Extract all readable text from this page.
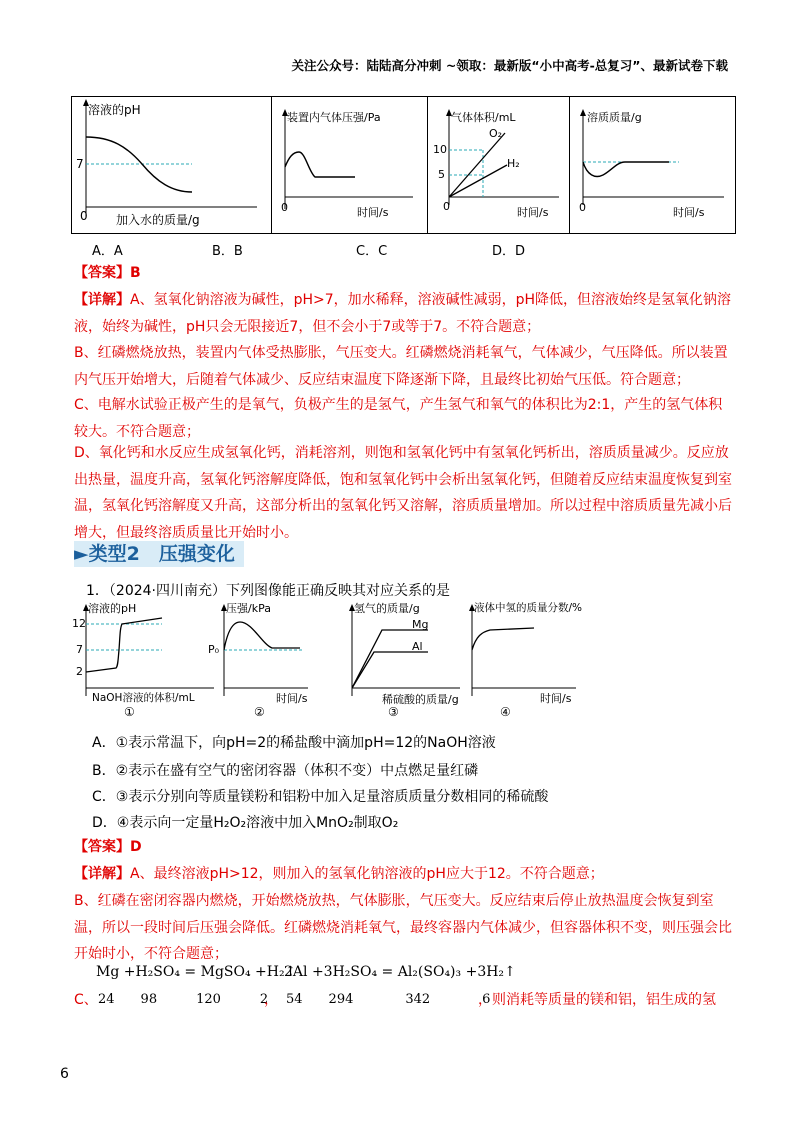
关注公众号：陆陆高分冲刺 ~领取：最新版“小中高考-总复习”、最新试卷下载
溶液的pH
7
0 加入水的质量/g
装置内气体压强/Pa
0	时间/s
气体体积/mL
10
5
O₂
H₂
0	时间/s
溶质质量/g
0	时间/s
A．A	B．B	C．C	D．D
【答案】B
【详解】A、氢氧化钠溶液为碱性，pH>7，加水稀释，溶液碱性减弱，pH降低，但溶液始终是氢氧化钠溶液，始终为碱性，pH只会无限接近7，但不会小于7或等于7。不符合题意；
B、红磷燃烧放热，装置内气体受热膨胀，气压变大。红磷燃烧消耗氧气，气体减少，气压降低。所以装置内气压开始增大，后随着气体减少、反应结束温度下降逐渐下降，且最终比初始气压低。符合题意；
C、电解水试验正极产生的是氧气，负极产生的是氢气，产生氢气和氧气的体积比为2:1，产生的氢气体积较大。不符合题意；
D、氧化钙和水反应生成氢氧化钙，消耗溶剂，则饱和氢氧化钙中有氢氧化钙析出，溶质质量减少。反应放出热量，温度升高，氢氧化钙溶解度降低，饱和氢氧化钙中会析出氢氧化钙，但随着反应结束温度恢复到室温，氢氧化钙溶解度又升高，这部分析出的氢氧化钙又溶解，溶质质量增加。所以过程中溶质质量先减小后增大，但最终溶质质量比开始时小。
►类型2　压强变化
1．（2024·四川南充）下列图像能正确反映其对应关系的是
溶液的pH
12
7
2
NaOH溶液的体积/mL
①
压强/kPa
P₀
时间/s
②
氢气的质量/g
Mg
Al
稀硫酸的质量/g
③
液体中氢的质量分数/%
时间/s
④
A．①表示常温下，向pH=2的稀盐酸中滴加pH=12的NaOH溶液
B．②表示在盛有空气的密闭容器（体积不变）中点燃足量红磷
C．③表示分别向等质量镁粉和铝粉中加入足量溶质质量分数相同的稀硫酸
D．④表示向一定量H₂O₂溶液中加入MnO₂制取O₂
【答案】D
【详解】A、最终溶液pH>12，则加入的氢氧化钠溶液的pH应大于12。不符合题意；
B、红磷在密闭容器内燃烧，开始燃烧放热，气体膨胀，气压变大。反应结束后停止放热温度会恢复到室温，所以一段时间后压强会降低。红磷燃烧消耗氧气，最终容器内气体减少，但容器体积不变，则压强会比开始时小，不符合题意；
Mg +H₂SO₄ = MgSO₄ +H₂↑
2Al +3H₂SO₄ = Al₂(SO₄)₃ +3H₂↑
C、 24　　98　　　120　　　2
， 54　　294　　　　342　　　　6
，则消耗等质量的镁和铝，铝生成的氢
6
